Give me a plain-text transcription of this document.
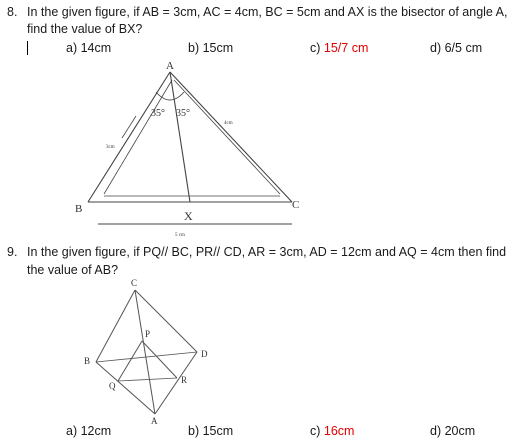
8. In the given figure, if AB = 3cm, AC = 4cm, BC = 5cm and AX is the bisector of angle A,
find the value of BX?
a) 14cm	b) 15cm	c) 15/7 cm	d) 6/5 cm
A
B	C
X
35° 35°
3cm
4cm
5 cm
9. In the given figure, if PQ// BC, PR// CD, AR = 3cm, AD = 12cm and AQ = 4cm then find
the value of AB?
C
B
D
P
Q
R
A
a) 12cm	b) 15cm	c) 16cm	d) 20cm
